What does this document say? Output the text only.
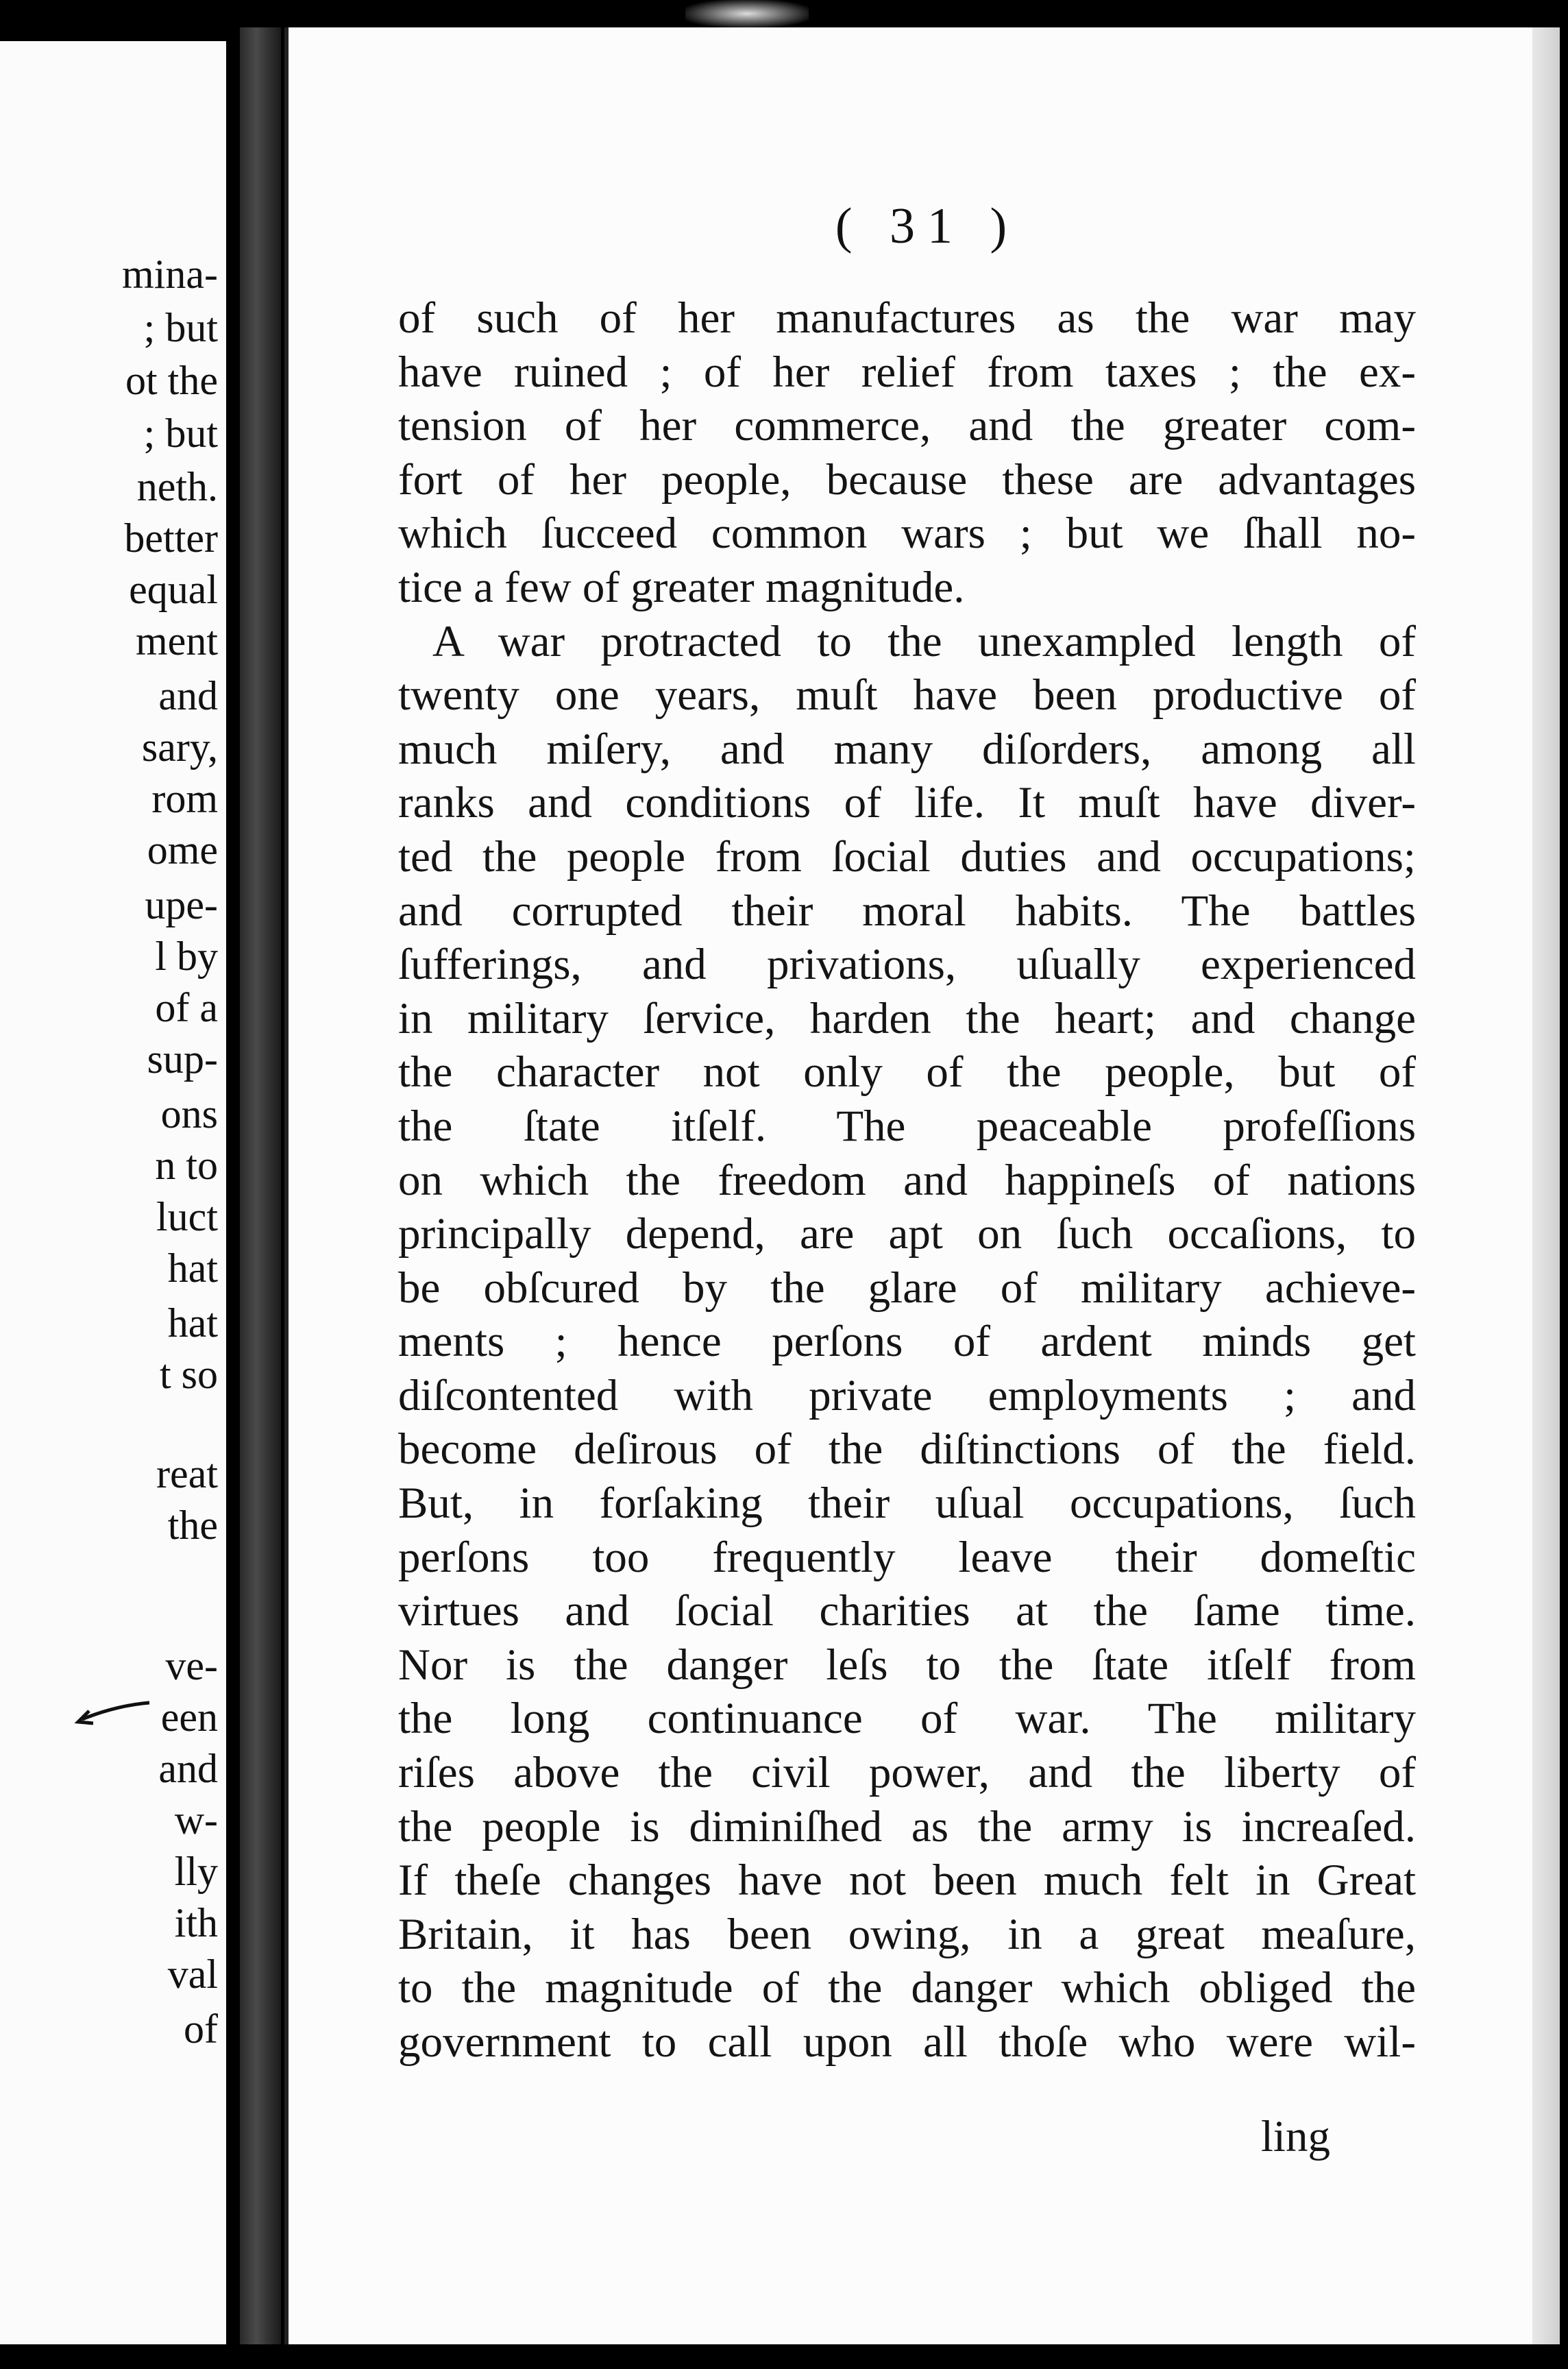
mina-
; but
ot the
; but
neth.
better
equal
ment
and
sary,
rom
ome
upe-
l by
of a
sup-
ons
n to
luct
hat
hat
t so
reat
the
ve-
een
and
w-
lly
ith
val
of
( 31 )
of such of her manufactures as the war may
have ruined ; of her relief from taxes ; the ex-
tension of her commerce, and the greater com-
fort of her people, because these are advantages
which ſucceed common wars ; but we ſhall no-
tice a few of greater magnitude.
A war protracted to the unexampled length of
twenty one years, muſt have been productive of
much miſery, and many diſorders, among all
ranks and conditions of life. It muſt have diver-
ted the people from ſocial duties and occupations;
and corrupted their moral habits. The battles
ſufferings, and privations, uſually experienced
in military ſervice, harden the heart; and change
the character not only of the people, but of
the ſtate itſelf. The peaceable profeſſions
on which the freedom and happineſs of nations
principally depend, are apt on ſuch occaſions, to
be obſcured by the glare of military achieve-
ments ; hence perſons of ardent minds get
diſcontented with private employments ; and
become deſirous of the diſtinctions of the field.
But, in forſaking their uſual occupations, ſuch
perſons too frequently leave their domeſtic
virtues and ſocial charities at the ſame time.
Nor is the danger leſs to the ſtate itſelf from
the long continuance of war. The military
riſes above the civil power, and the liberty of
the people is diminiſhed as the army is increaſed.
If theſe changes have not been much felt in Great
Britain, it has been owing, in a great meaſure,
to the magnitude of the danger which obliged the
government to call upon all thoſe who were wil-
ling
